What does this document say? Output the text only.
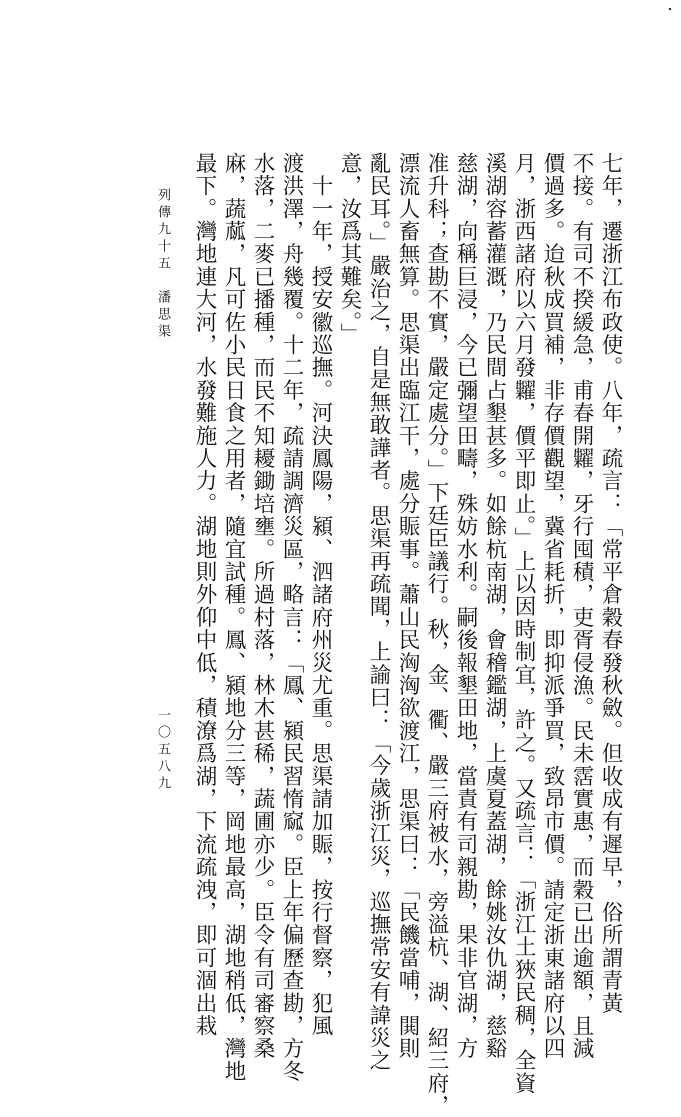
七年，遷浙江布政使。八年，疏言：「常平倉穀春發秋斂。但收成有遲早，俗所謂青黃
不接。有司不揆緩急，甫春開糶，牙行囤積，吏胥侵漁。民未霑實惠，而穀已出逾額，且減
價過多。迨秋成買補，非存價觀望，冀省耗折，即抑派爭買，致昂市價。請定浙東諸府以四
月，浙西諸府以六月發糶，價平即止。」上以因時制宜，許之。又疏言：「浙江土狹民稠，全資
溪湖容蓄灌溉，乃民間占墾甚多。如餘杭南湖，會稽鑑湖，上虞夏蓋湖，餘姚汝仇湖，慈谿
慈湖，向稱巨浸，今已彌望田疇，殊妨水利。嗣後報墾田地，當責有司親勘，果非官湖，方
准升科；查勘不實，嚴定處分。」下廷臣議行。秋，金、衢、嚴三府被水，旁溢杭、湖、紹三府，
漂流人畜無算。思渠出臨江干，處分賑事。蕭山民洶洶欲渡江，思渠曰：「民饑當哺，閧則
亂民耳。」嚴治之，自是無敢譁者。思渠再疏聞，上諭曰：「今歲浙江災，巡撫常安有諱災之
意，汝爲其難矣。」
　十一年，授安徽巡撫。河決鳳陽，潁、泗諸府州災尤重。思渠請加賑，按行督察，犯風
渡洪澤，舟幾覆。十二年，疏請調濟災區，略言：「鳳、潁民習惰窳。臣上年偏歷查勘，方冬
水落，二麥已播種，而民不知耰鋤培壅。所過村落，林木甚稀，蔬圃亦少。臣令有司審察桑
麻，蔬蓏，凡可佐小民日食之用者，隨宜試種。鳳、潁地分三等，岡地最高，湖地稍低，灣地
最下。灣地連大河，水發難施人力。湖地則外仰中低，積潦爲湖，下流疏洩，即可涸出栽
列傳九十五　潘思渠
一〇五八九
